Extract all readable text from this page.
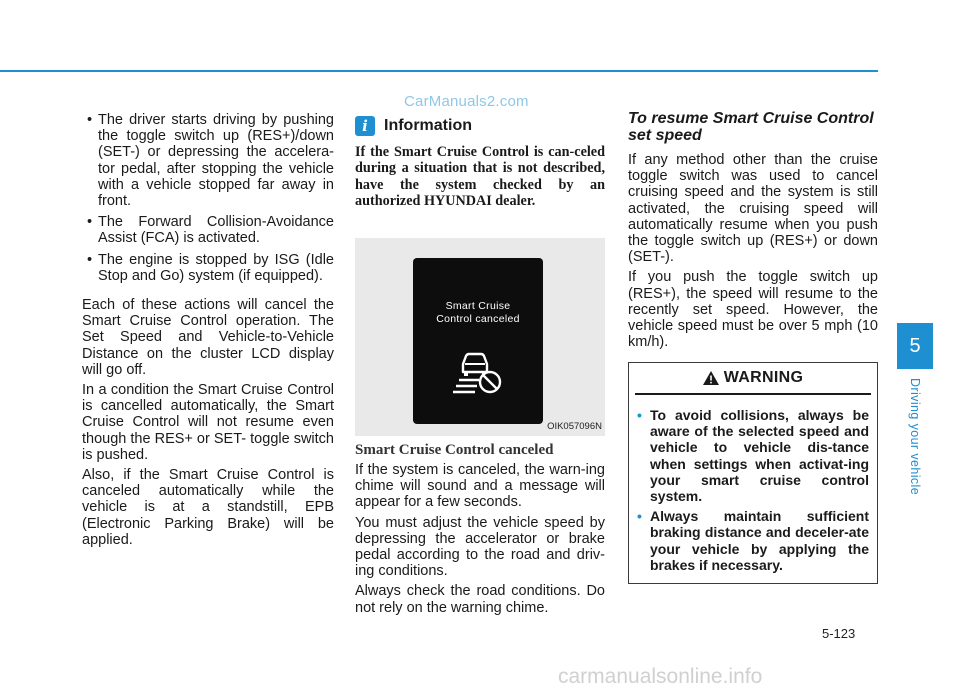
CarManuals2.com
• The driver starts driving by pushing the toggle switch up (RES+)/down (SET-) or depressing the accelera-tor pedal, after stopping the vehicle with a vehicle stopped far away in front.
• The Forward Collision-Avoidance Assist (FCA) is activated.
• The engine is stopped by ISG (Idle Stop and Go) system (if equipped).

Each of these actions will cancel the Smart Cruise Control operation. The Set Speed and Vehicle-to-Vehicle Distance on the cluster LCD display will go off.

In a condition the Smart Cruise Control is cancelled automatically, the Smart Cruise Control will not resume even though the RES+ or SET- toggle switch is pushed.

Also, if the Smart Cruise Control is canceled automatically while the vehicle is at a standstill, EPB (Electronic Parking Brake) will be applied.

i	Information
If the Smart Cruise Control is can-celed during a situation that is not described, have the system checked by an authorized HYUNDAI dealer.
Smart Cruise
Control canceled
OIK057096N
Smart Cruise Control canceled

If the system is canceled, the warn-ing chime will sound and a message will appear for a few seconds.

You must adjust the vehicle speed by depressing the accelerator or brake pedal according to the road and driv-ing conditions.

Always check the road conditions. Do not rely on the warning chime.

To resume Smart Cruise Control
set speed

If any method other than the cruise toggle switch was used to cancel cruising speed and the system is still activated, the cruising speed will automatically resume when you push the toggle switch up (RES+) or down (SET-).

If you push the toggle switch up (RES+), the speed will resume to the recently set speed. However, the vehicle speed must be over 5 mph (10 km/h).

WARNING
• To avoid collisions, always be aware of the selected speed and vehicle to vehicle dis-tance when settings when activat-ing your smart cruise control system.
• Always maintain sufficient braking distance and deceler-ate your vehicle by applying the brakes if necessary.
5
Driving your vehicle
5-123
carmanualsonline.info
